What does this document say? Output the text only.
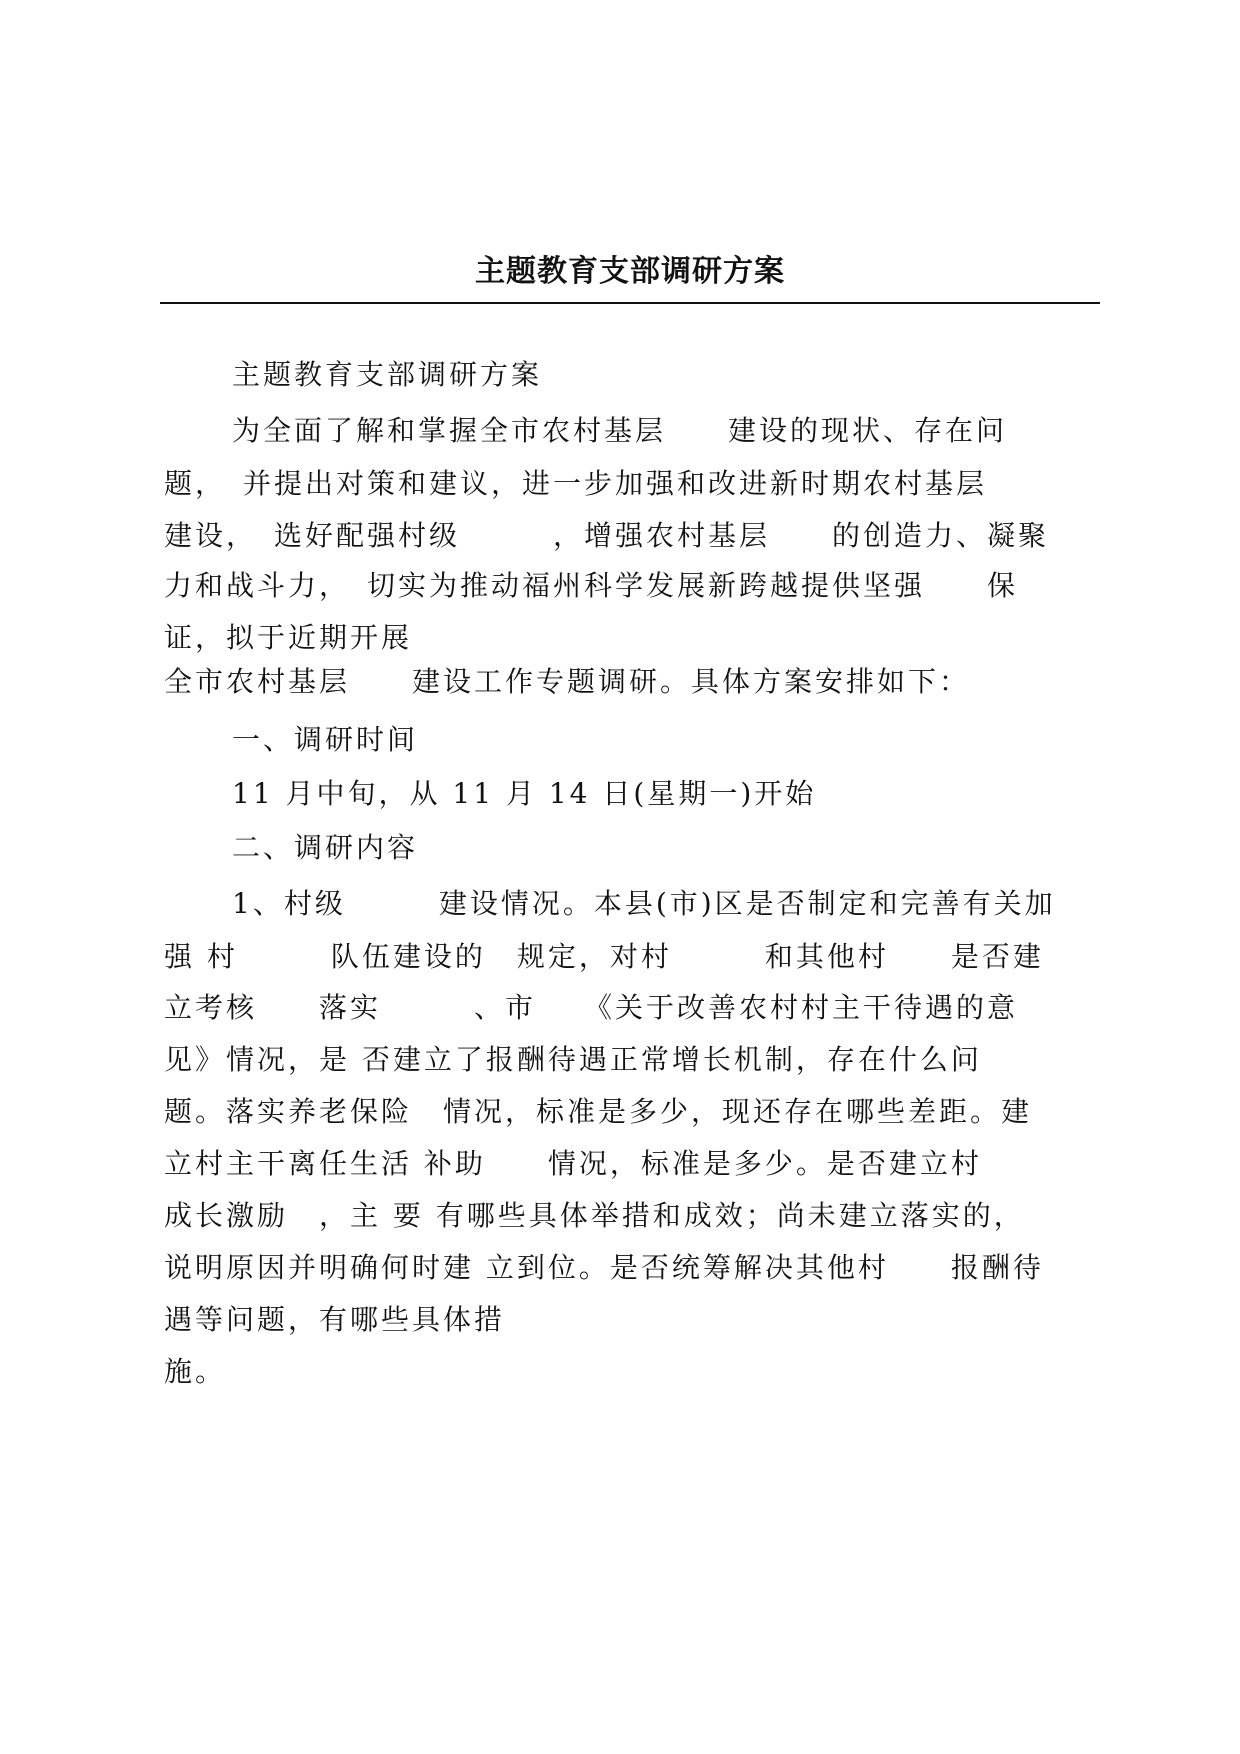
主题教育支部调研方案
主题教育支部调研方案
为全面了解和掌握全市农村基层　　建设的现状、存在问
题，　并提出对策和建议，进一步加强和改进新时期农村基层
建设，　选好配强村级　　　，增强农村基层　　的创造力、凝聚
力和战斗力，　切实为推动福州科学发展新跨越提供坚强　　保
证，拟于近期开展
全市农村基层　　建设工作专题调研。具体方案安排如下：
一、调研时间
11 月中旬，从 11 月 14 日(星期一)开始
二、调研内容
1、村级　　　建设情况。本县(市)区是否制定和完善有关加
强 村　　　队伍建设的　规定，对村　　　和其他村　　是否建
立考核　　落实　　　、市　　《关于改善农村村主干待遇的意
见》情况，是 否建立了报酬待遇正常增长机制，存在什么问
题。落实养老保险　情况，标准是多少，现还存在哪些差距。建
立村主干离任生活 补助　　情况，标准是多少。是否建立村
成长激励　，主 要 有哪些具体举措和成效；尚未建立落实的，
说明原因并明确何时建 立到位。是否统筹解决其他村　　报酬待
遇等问题，有哪些具体措
施。
